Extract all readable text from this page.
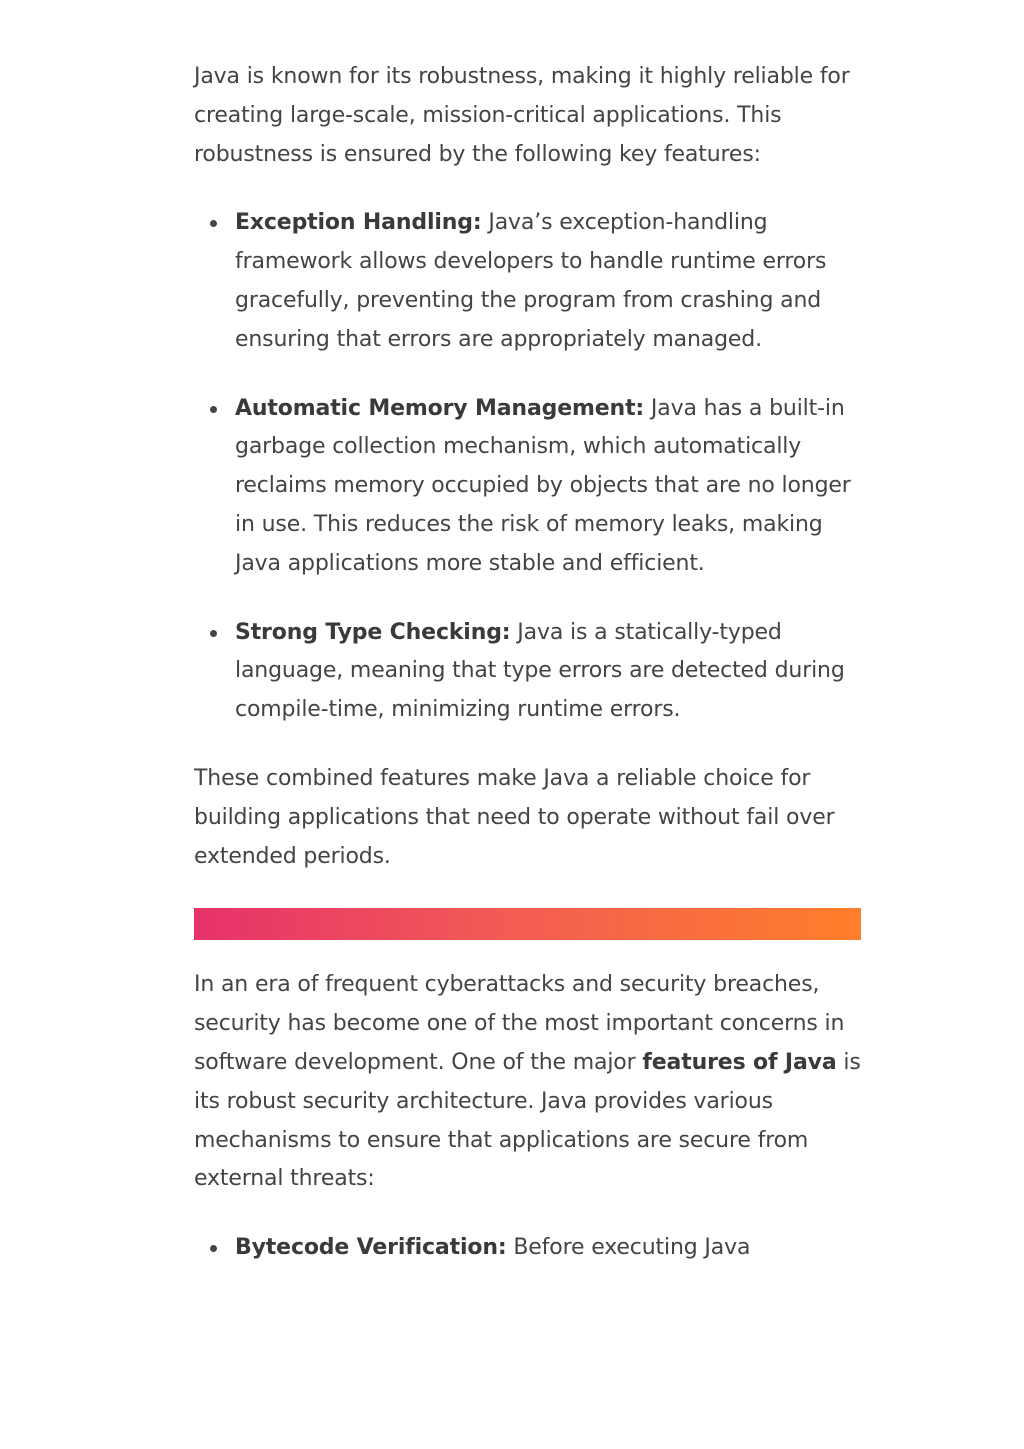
Java is known for its robustness, making it highly reliable for creating large-scale, mission-critical applications. This robustness is ensured by the following key features:

Exception Handling: Java’s exception-handling framework allows developers to handle runtime errors gracefully, preventing the program from crashing and ensuring that errors are appropriately managed.
Automatic Memory Management: Java has a built-in garbage collection mechanism, which automatically reclaims memory occupied by objects that are no longer in use. This reduces the risk of memory leaks, making Java applications more stable and efficient.
Strong Type Checking: Java is a statically-typed language, meaning that type errors are detected during compile-time, minimizing runtime errors.

These combined features make Java a reliable choice for building applications that need to operate without fail over extended periods.

In an era of frequent cyberattacks and security breaches, security has become one of the most important concerns in software development. One of the major features of Java is its robust security architecture. Java provides various mechanisms to ensure that applications are secure from external threats:

Bytecode Verification: Before executing Java
